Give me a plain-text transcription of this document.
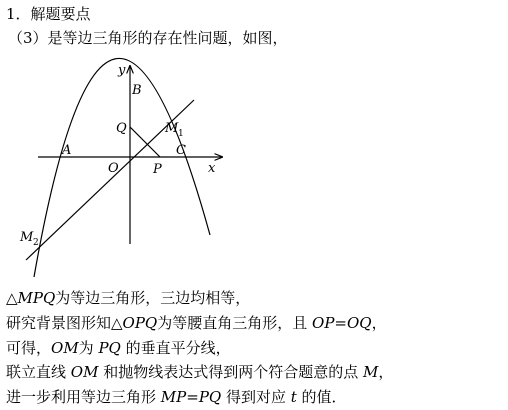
1．解题要点
（3）是等边三角形的存在性问题，如图，
y
x
B
Q	M 1
A	C
O	P
M 2
△MPQ为等边三角形，三边均相等，
研究背景图形知△OPQ为等腰直角三角形，且 OP=OQ，
可得，OM为 PQ 的垂直平分线，
联立直线 OM 和抛物线表达式得到两个符合题意的点 M，
进一步利用等边三角形 MP=PQ 得到对应 t 的值．
